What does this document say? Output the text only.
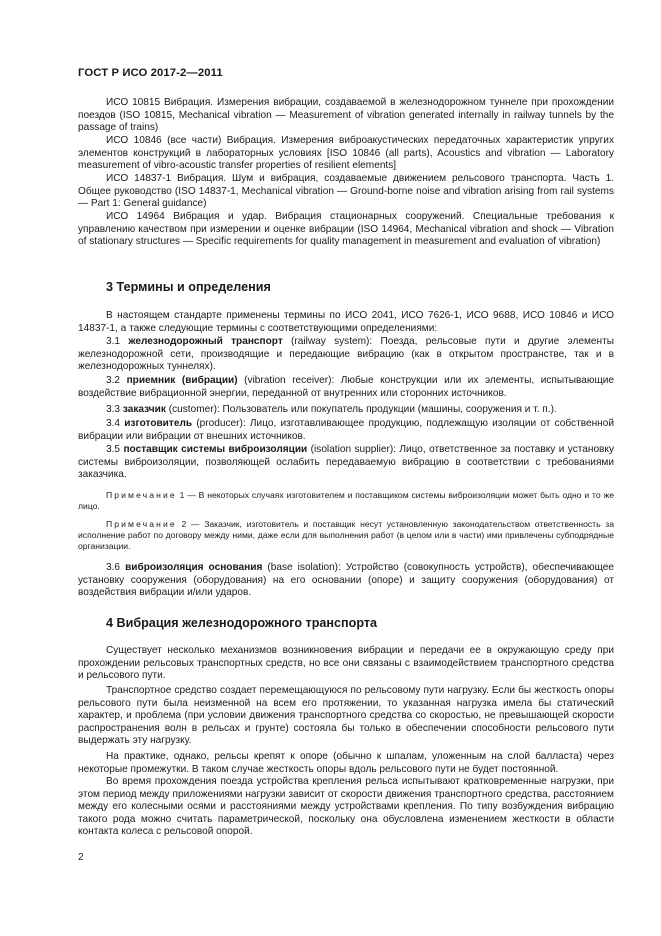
ГОСТ Р ИСО 2017-2—2011

ИСО 10815 Вибрация. Измерения вибрации, создаваемой в железнодорожном туннеле при прохождении поездов (ISO 10815, Mechanical vibration — Measurement of vibration generated internally in railway tunnels by the passage of trains)

ИСО 10846 (все части) Вибрация. Измерения виброакустических передаточных характеристик упругих элементов конструкций в лабораторных условиях [ISO 10846 (all parts), Acoustics and vibration — Laboratory measurement of vibro-acoustic transfer properties of resilient elements]

ИСО 14837-1 Вибрация. Шум и вибрация, создаваемые движением рельсового транспорта. Часть 1. Общее руководство (ISO 14837-1, Mechanical vibration — Ground-borne noise and vibration arising from rail systems — Part 1: General guidance)

ИСО 14964 Вибрация и удар. Вибрация стационарных сооружений. Специальные требования к управлению качеством при измерении и оценке вибрации (ISO 14964, Mechanical vibration and shock — Vibration of stationary structures — Specific requirements for quality management in measurement and evaluation of vibration)

3 Термины и определения

В настоящем стандарте применены термины по ИСО 2041, ИСО 7626-1, ИСО 9688, ИСО 10846 и ИСО 14837-1, а также следующие термины с соответствующими определениями:

3.1 железнодорожный транспорт (railway system): Поезда, рельсовые пути и другие элементы железнодорожной сети, производящие и передающие вибрацию (как в открытом пространстве, так и в железнодорожных туннелях).

3.2 приемник (вибрации) (vibration receiver): Любые конструкции или их элементы, испытывающие воздействие вибрационной энергии, переданной от внутренних или сторонних источников.

3.3 заказчик (customer): Пользователь или покупатель продукции (машины, сооружения и т. п.).

3.4 изготовитель (producer): Лицо, изготавливающее продукцию, подлежащую изоляции от собственной вибрации или вибрации от внешних источников.

3.5 поставщик системы виброизоляции (isolation supplier): Лицо, ответственное за поставку и установку системы виброизоляции, позволяющей ослабить передаваемую вибрацию в соответствии с требованиями заказчика.

Примечание 1 — В некоторых случаях изготовителем и поставщиком системы виброизоляции может быть одно и то же лицо.

Примечание 2 — Заказчик, изготовитель и поставщик несут установленную законодательством ответственность за исполнение работ по договору между ними, даже если для выполнения работ (в целом или в части) ими привлечены субподрядные организации.

3.6 виброизоляция основания (base isolation): Устройство (совокупность устройств), обеспечивающее установку сооружения (оборудования) на его основании (опоре) и защиту сооружения (оборудования) от воздействия вибрации и/или ударов.

4 Вибрация железнодорожного транспорта

Существует несколько механизмов возникновения вибрации и передачи ее в окружающую среду при прохождении рельсовых транспортных средств, но все они связаны с взаимодействием транспортного средства и рельсового пути.

Транспортное средство создает перемещающуюся по рельсовому пути нагрузку. Если бы жесткость опоры рельсового пути была неизменной на всем его протяжении, то указанная нагрузка имела бы статический характер, и проблема (при условии движения транспортного средства со скоростью, не превышающей скорости распространения волн в рельсах и грунте) состояла бы только в обеспечении способности рельсового пути выдержать эту нагрузку.

На практике, однако, рельсы крепят к опоре (обычно к шпалам, уложенным на слой балласта) через некоторые промежутки. В таком случае жесткость опоры вдоль рельсового пути не будет постоянной.

Во время прохождения поезда устройства крепления рельса испытывают кратковременные нагрузки, при этом период между приложениями нагрузки зависит от скорости движения транспортного средства, расстоянием между его колесными осями и расстояниями между устройствами крепления. По типу возбуждения вибрацию такого рода можно считать параметрической, поскольку она обусловлена изменением жесткости в области контакта колеса с рельсовой опорой.

2
